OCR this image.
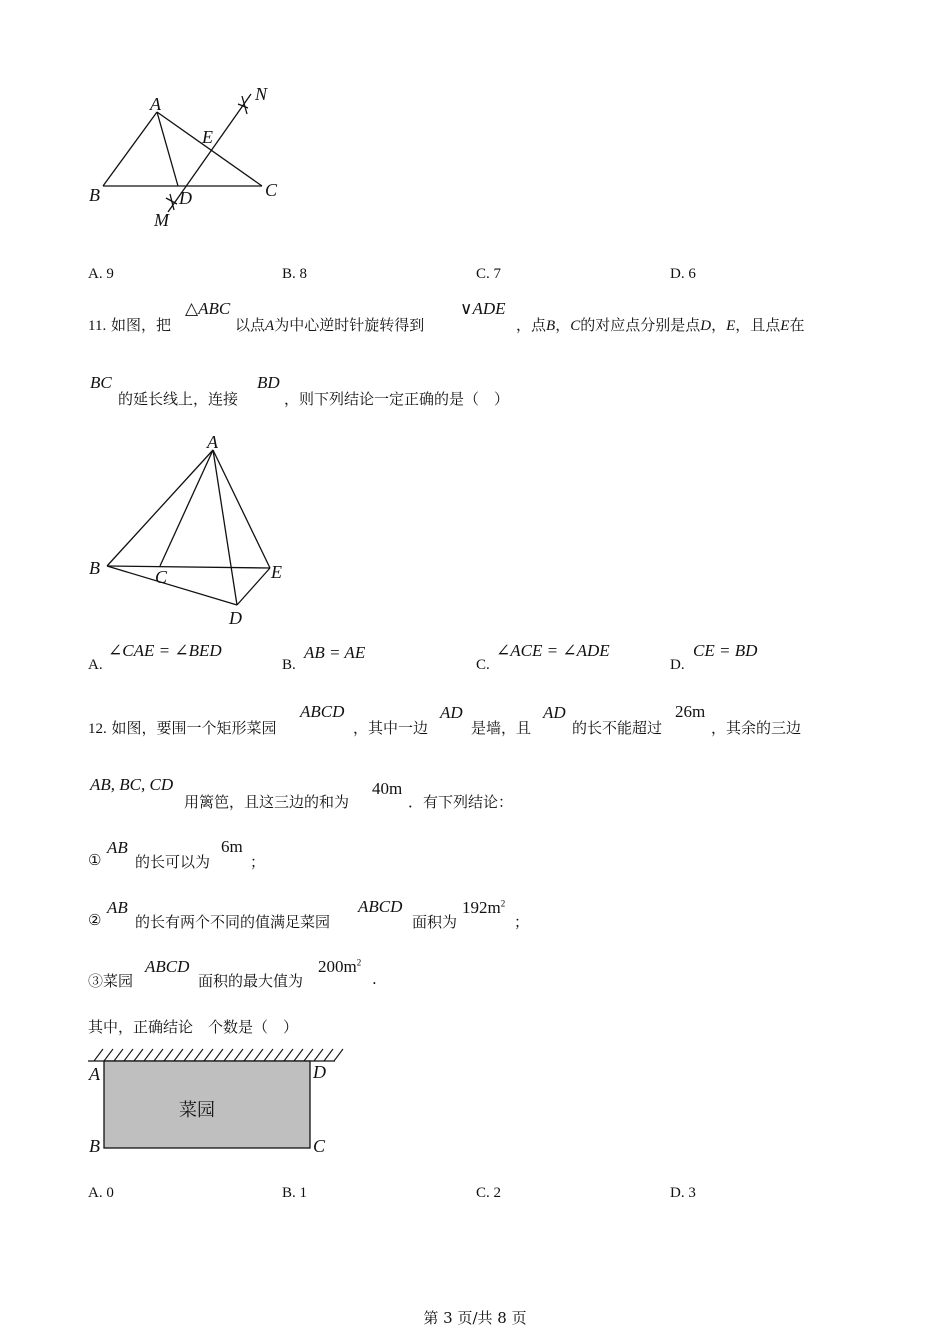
A
B	C
D
E
N
M
A. 9	B. 8	C. 7	D. 6
11. 如图，把
△ABC
以点A为中心逆时针旋转得到
∨ADE
，点B，C的对应点分别是点D，E，且点E在
BC
的延长线上，连接
BD
，则下列结论一定正确的是（　）
A
B	C	E
D
A.
∠CAE = ∠BED
B.
AB = AE
C.
∠ACE = ∠ADE
D.
CE = BD
12. 如图，要围一个矩形菜园
ABCD
，其中一边
AD
是墙，且
AD
的长不能超过
26m
，其余的三边
AB, BC, CD
用篱笆，且这三边的和为
40m
．有下列结论：
①
AB
的长可以为
6m
；
②
AB
的长有两个不同的值满足菜园
ABCD
面积为
$192m^2$
；
③菜园
ABCD
面积的最大值为
$200m^2$
.
其中，正确结论　个数是（　）
菜园
A	D
B	C
A. 0	B. 1	C. 2	D. 3
第 3 页/共 8 页
